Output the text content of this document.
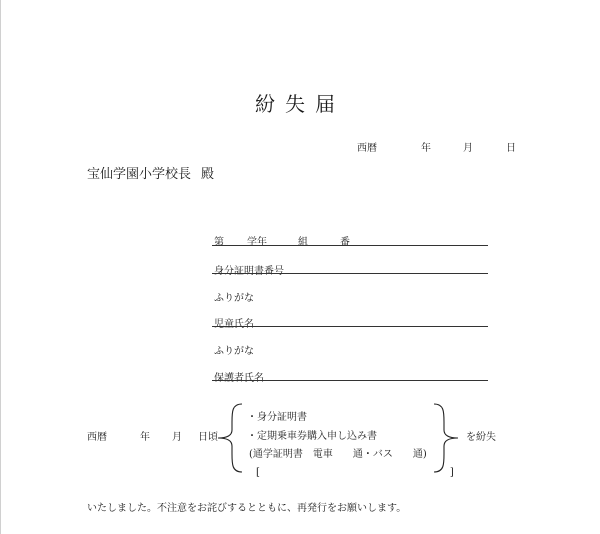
紛失届
西暦	年	月	日
宝仙学園小学校長 殿
第 学年	組	番
身分証明書番号
ふりがな
児童氏名
ふりがな
保護者氏名
西暦	年 月 日頃
・身分証明書
・定期乗車券購入申し込み書
(通学証明書　電車　　通・バス　　通)
[　　　　　　　　　　　　　　　　　　　]
を紛失
いたしました。不注意をお詫びするとともに、再発行をお願いします。
